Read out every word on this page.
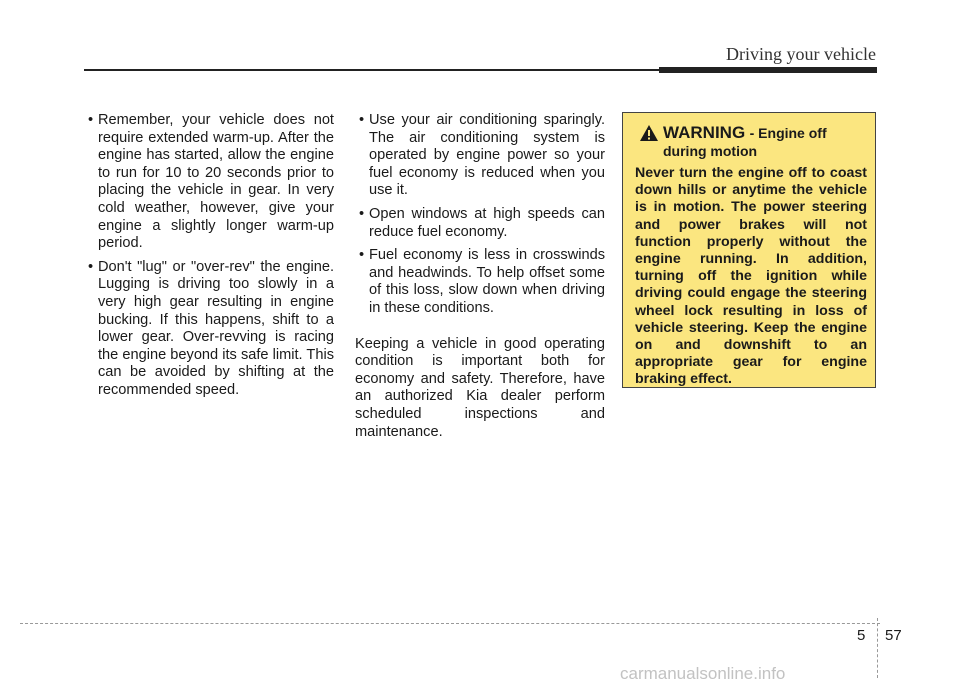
Driving your vehicle
• Remember, your vehicle does not require extended warm-up. After the engine has started, allow the engine to run for 10 to 20 seconds prior to placing the vehicle in gear. In very cold weather, however, give your engine a slightly longer warm-up period.
• Don't "lug" or "over-rev" the engine. Lugging is driving too slowly in a very high gear resulting in engine bucking. If this happens, shift to a lower gear. Over-revving is racing the engine beyond its safe limit. This can be avoided by shifting at the recommended speed.
• Use your air conditioning sparingly. The air conditioning system is operated by engine power so your fuel economy is reduced when you use it.
• Open windows at high speeds can reduce fuel economy.
• Fuel economy is less in crosswinds and headwinds. To help offset some of this loss, slow down when driving in these conditions.

Keeping a vehicle in good operating condition is important both for economy and safety. Therefore, have an authorized Kia dealer perform scheduled inspections and maintenance.

WARNING - Engine off during motion
Never turn the engine off to coast down hills or anytime the vehicle is in motion. The power steering and power brakes will not function properly without the engine running. In addition, turning off the ignition while driving could engage the steering wheel lock resulting in loss of vehicle steering. Keep the engine on and downshift to an appropriate gear for engine braking effect.
5 57
carmanualsonline.info
